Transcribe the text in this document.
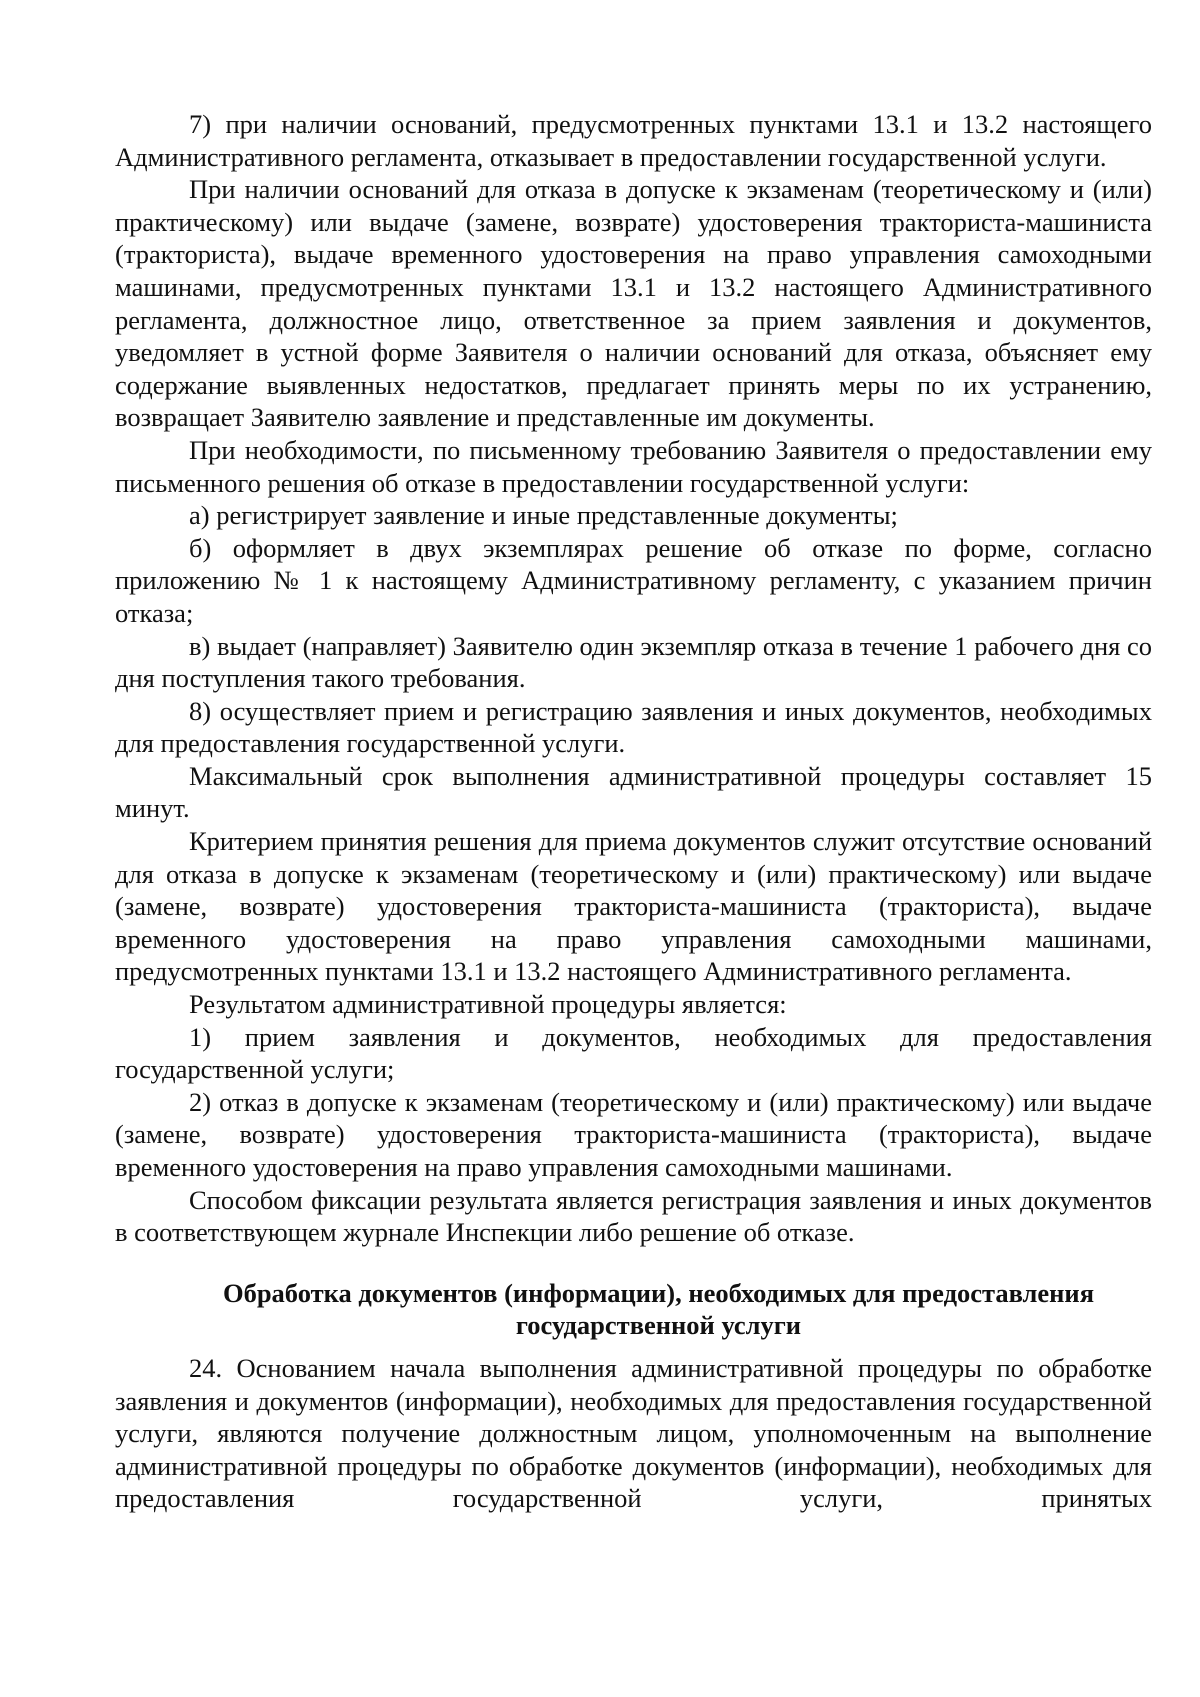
7) при наличии оснований, предусмотренных пунктами 13.1 и 13.2 настоящего Административного регламента, отказывает в предоставлении государственной услуги.

При наличии оснований для отказа в допуске к экзаменам (теоретическому и (или) практическому) или выдаче (замене, возврате) удостоверения тракториста-машиниста (тракториста), выдаче временного удостоверения на право управления самоходными машинами, предусмотренных пунктами 13.1 и 13.2 настоящего Административного регламента, должностное лицо, ответственное за прием заявления и документов, уведомляет в устной форме Заявителя о наличии оснований для отказа, объясняет ему содержание выявленных недостатков, предлагает принять меры по их устранению, возвращает Заявителю заявление и представленные им документы.

При необходимости, по письменному требованию Заявителя о предоставлении ему письменного решения об отказе в предоставлении государственной услуги:

а) регистрирует заявление и иные представленные документы;

б) оформляет в двух экземплярах решение об отказе по форме, согласно приложению № 1 к настоящему Административному регламенту, с указанием причин отказа;

в) выдает (направляет) Заявителю один экземпляр отказа в течение 1 рабочего дня со дня поступления такого требования.

8) осуществляет прием и регистрацию заявления и иных документов, необходимых для предоставления государственной услуги.

Максимальный срок выполнения административной процедуры составляет 15 минут.

Критерием принятия решения для приема документов служит отсутствие оснований для отказа в допуске к экзаменам (теоретическому и (или) практическому) или выдаче (замене, возврате) удостоверения тракториста-машиниста (тракториста), выдаче временного удостоверения на право управления самоходными машинами, предусмотренных пунктами 13.1 и 13.2 настоящего Административного регламента.

Результатом административной процедуры является:

1) прием заявления и документов, необходимых для предоставления государственной услуги;

2) отказ в допуске к экзаменам (теоретическому и (или) практическому) или выдаче (замене, возврате) удостоверения тракториста-машиниста (тракториста), выдаче временного удостоверения на право управления самоходными машинами.

Способом фиксации результата является регистрация заявления и иных документов в соответствующем журнале Инспекции либо решение об отказе.

Обработка документов (информации), необходимых для предоставления государственной услуги

24. Основанием начала выполнения административной процедуры по обработке заявления и документов (информации), необходимых для предоставления государственной услуги, являются получение должностным лицом, уполномоченным на выполнение административной процедуры по обработке документов (информации), необходимых для предоставления государственной услуги, принятых
